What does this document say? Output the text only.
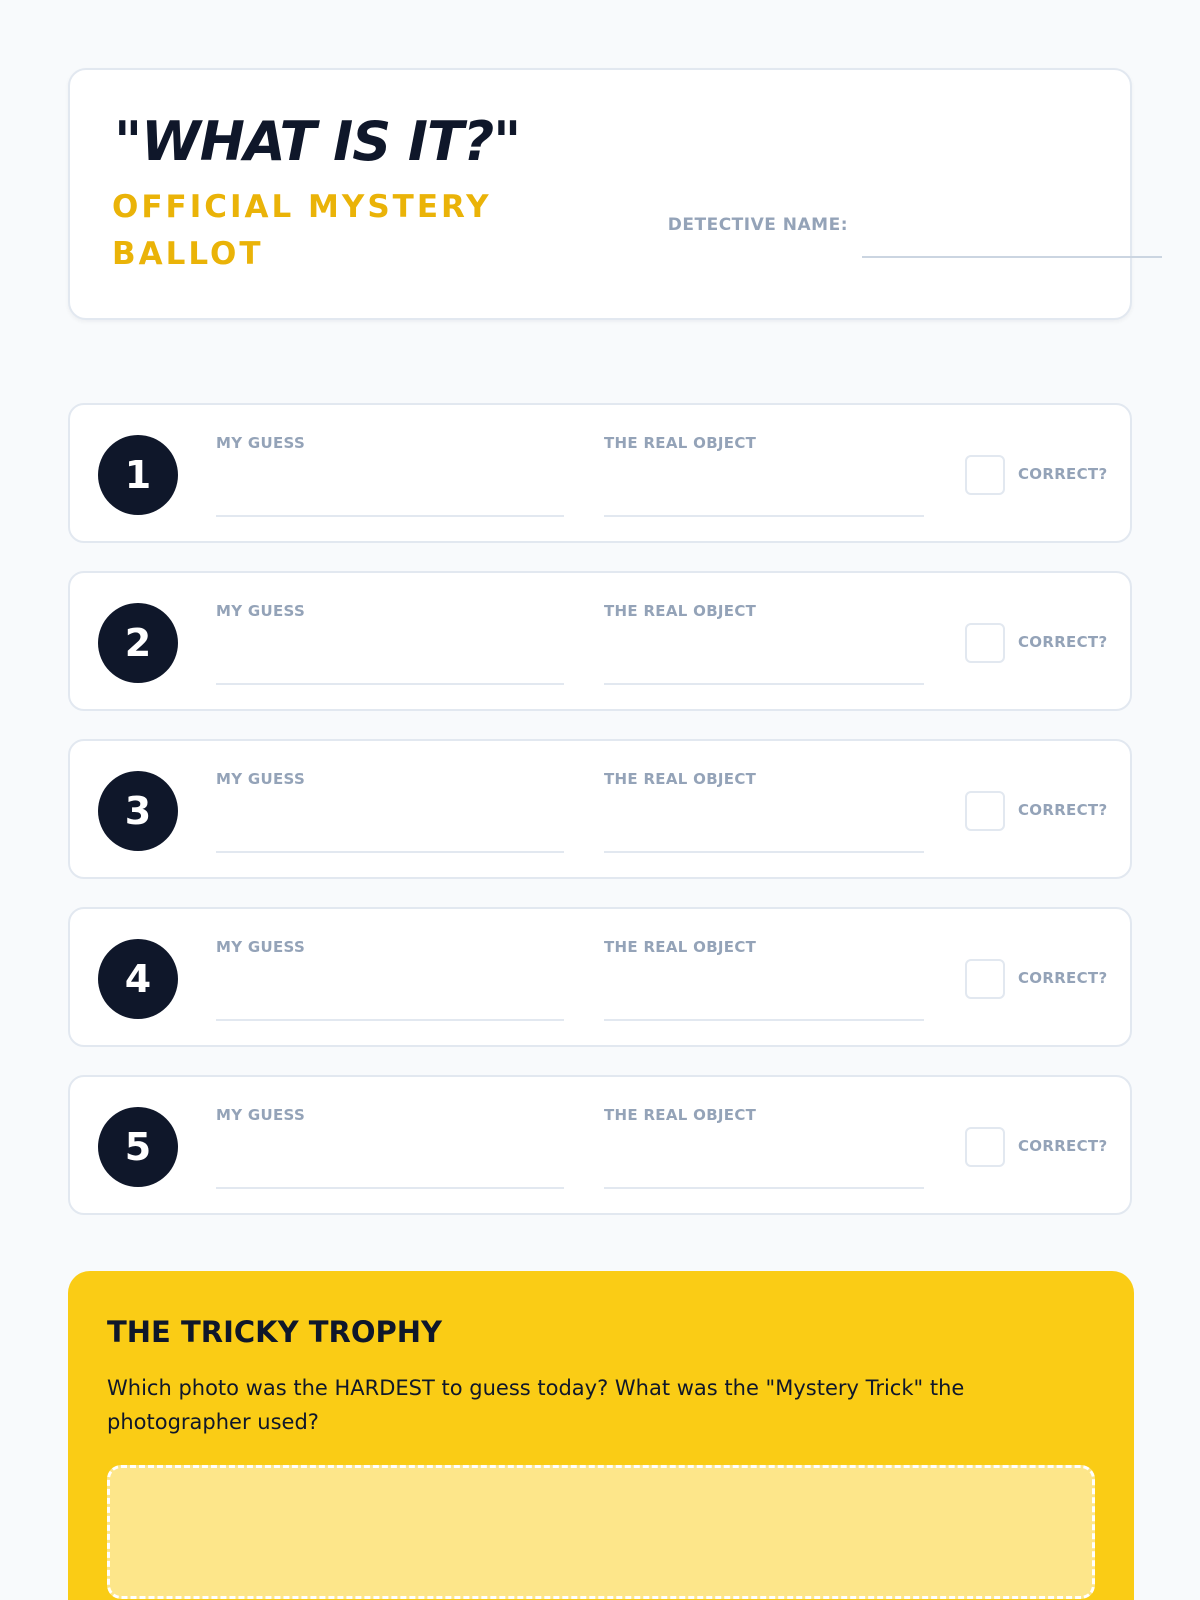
"WHAT IS IT?"
OFFICIAL MYSTERY BALLOT
DETECTIVE NAME:
1
MY GUESS	THE REAL OBJECT
CORRECT?
2
MY GUESS	THE REAL OBJECT
CORRECT?
3
MY GUESS	THE REAL OBJECT
CORRECT?
4
MY GUESS	THE REAL OBJECT
CORRECT?
5
MY GUESS	THE REAL OBJECT
CORRECT?
THE TRICKY TROPHY

Which photo was the HARDEST to guess today? What was the "Mystery Trick" the photographer used?
